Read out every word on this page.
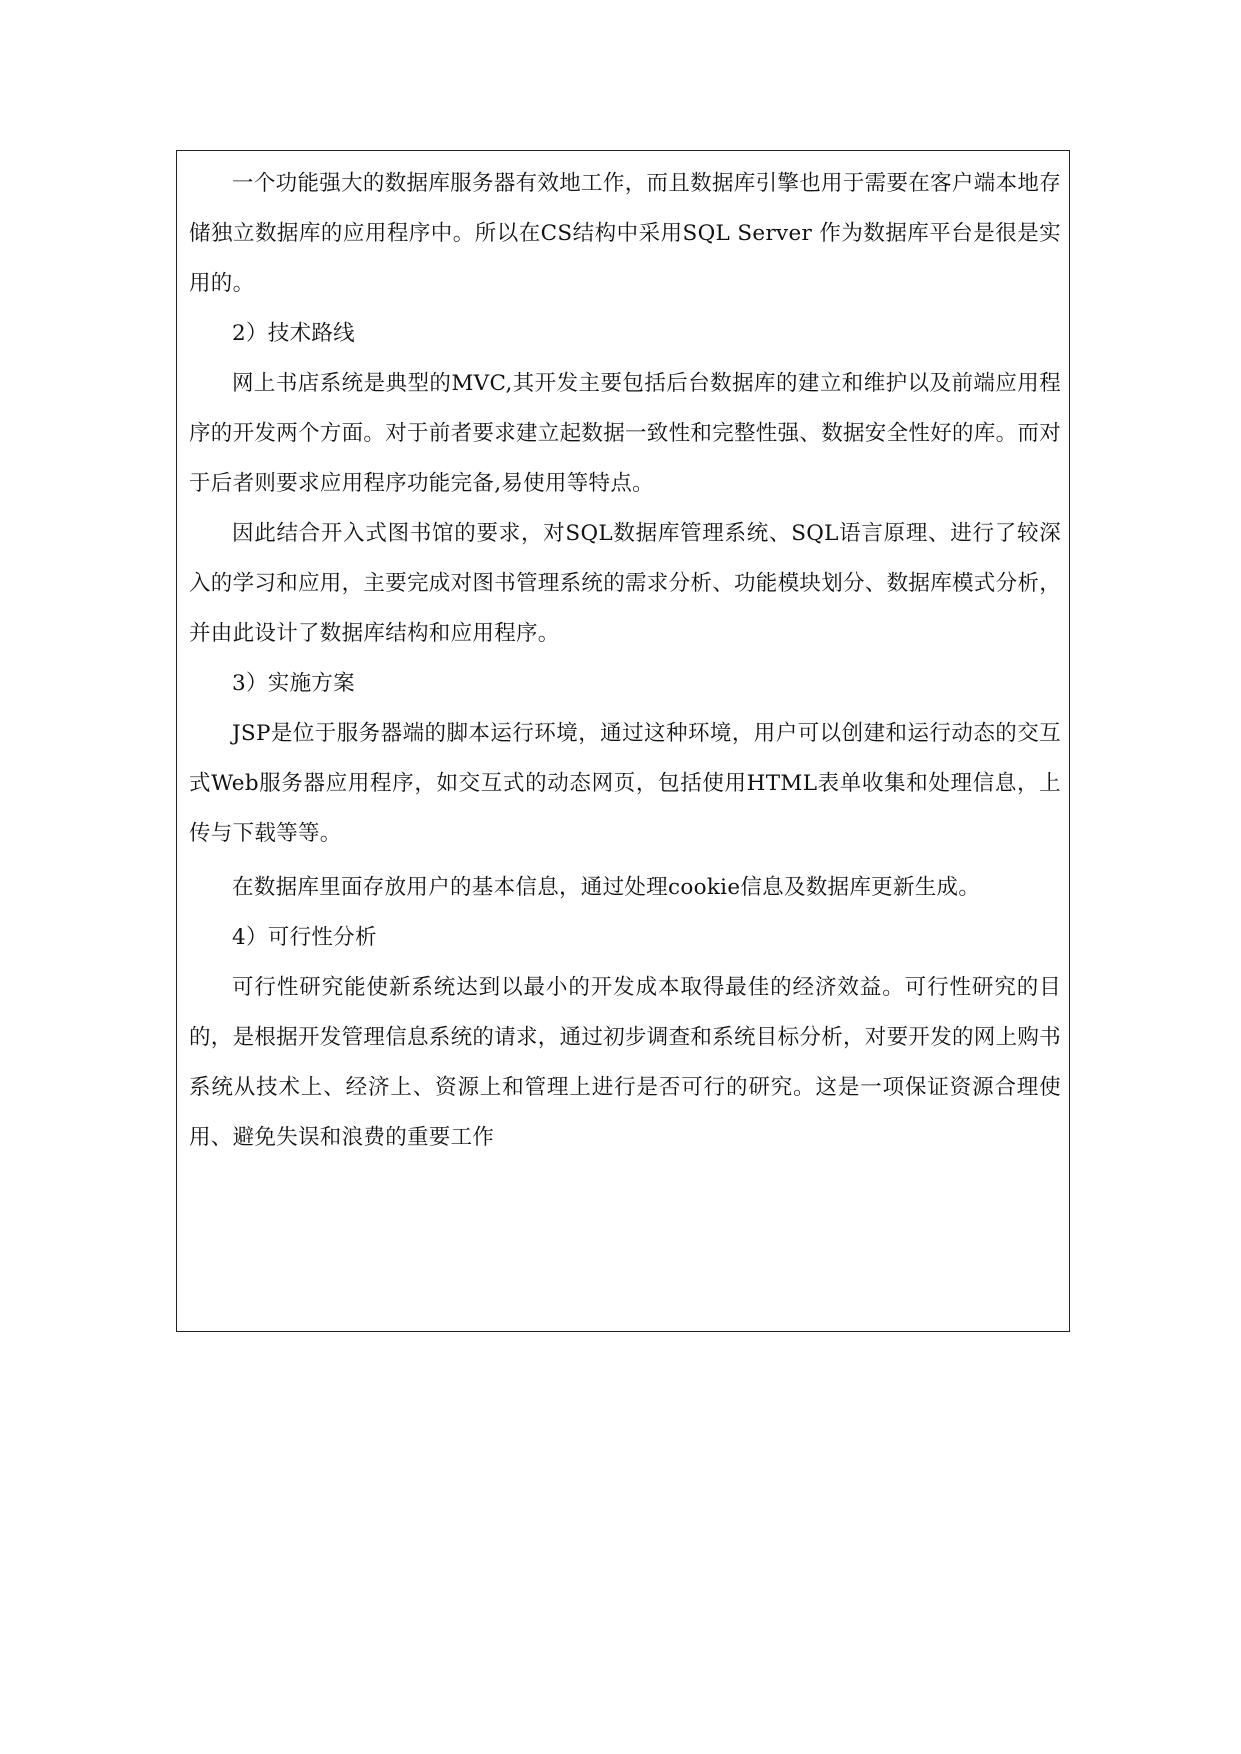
一个功能强大的数据库服务器有效地工作，而且数据库引擎也用于需要在客户端本地存储独立数据库的应用程序中。所以在CS结构中采用SQL Server 作为数据库平台是很是实用的。

2）技术路线

网上书店系统是典型的MVC,其开发主要包括后台数据库的建立和维护以及前端应用程序的开发两个方面。对于前者要求建立起数据一致性和完整性强、数据安全性好的库。而对于后者则要求应用程序功能完备,易使用等特点。

因此结合开入式图书馆的要求，对SQL数据库管理系统、SQL语言原理、进行了较深入的学习和应用，主要完成对图书管理系统的需求分析、功能模块划分、数据库模式分析，并由此设计了数据库结构和应用程序。

3）实施方案

JSP是位于服务器端的脚本运行环境，通过这种环境，用户可以创建和运行动态的交互式Web服务器应用程序，如交互式的动态网页，包括使用HTML表单收集和处理信息，上传与下载等等。

在数据库里面存放用户的基本信息，通过处理cookie信息及数据库更新生成。

4）可行性分析

可行性研究能使新系统达到以最小的开发成本取得最佳的经济效益。可行性研究的目的，是根据开发管理信息系统的请求，通过初步调查和系统目标分析，对要开发的网上购书系统从技术上、经济上、资源上和管理上进行是否可行的研究。这是一项保证资源合理使用、避免失误和浪费的重要工作
